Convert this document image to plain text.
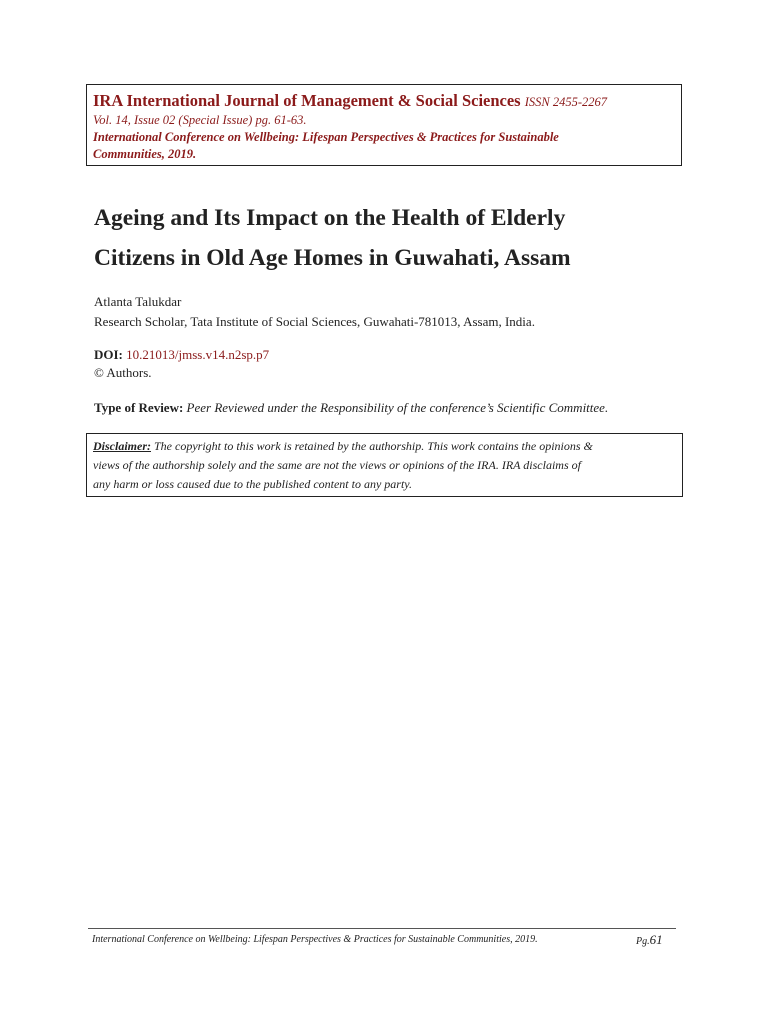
IRA International Journal of Management & Social Sciences ISSN 2455-2267
Vol. 14, Issue 02 (Special Issue) pg. 61-63.
International Conference on Wellbeing: Lifespan Perspectives & Practices for Sustainable
Communities, 2019.
Ageing and Its Impact on the Health of Elderly
Citizens in Old Age Homes in Guwahati, Assam
Atlanta Talukdar
Research Scholar, Tata Institute of Social Sciences, Guwahati-781013, Assam, India.
DOI: 10.21013/jmss.v14.n2sp.p7
© Authors.
Type of Review: Peer Reviewed under the Responsibility of the conference’s Scientific Committee.
Disclaimer: The copyright to this work is retained by the authorship. This work contains the opinions &
views of the authorship solely and the same are not the views or opinions of the IRA. IRA disclaims of
any harm or loss caused due to the published content to any party.
International Conference on Wellbeing: Lifespan Perspectives & Practices for Sustainable Communities, 2019.	Pg.61
